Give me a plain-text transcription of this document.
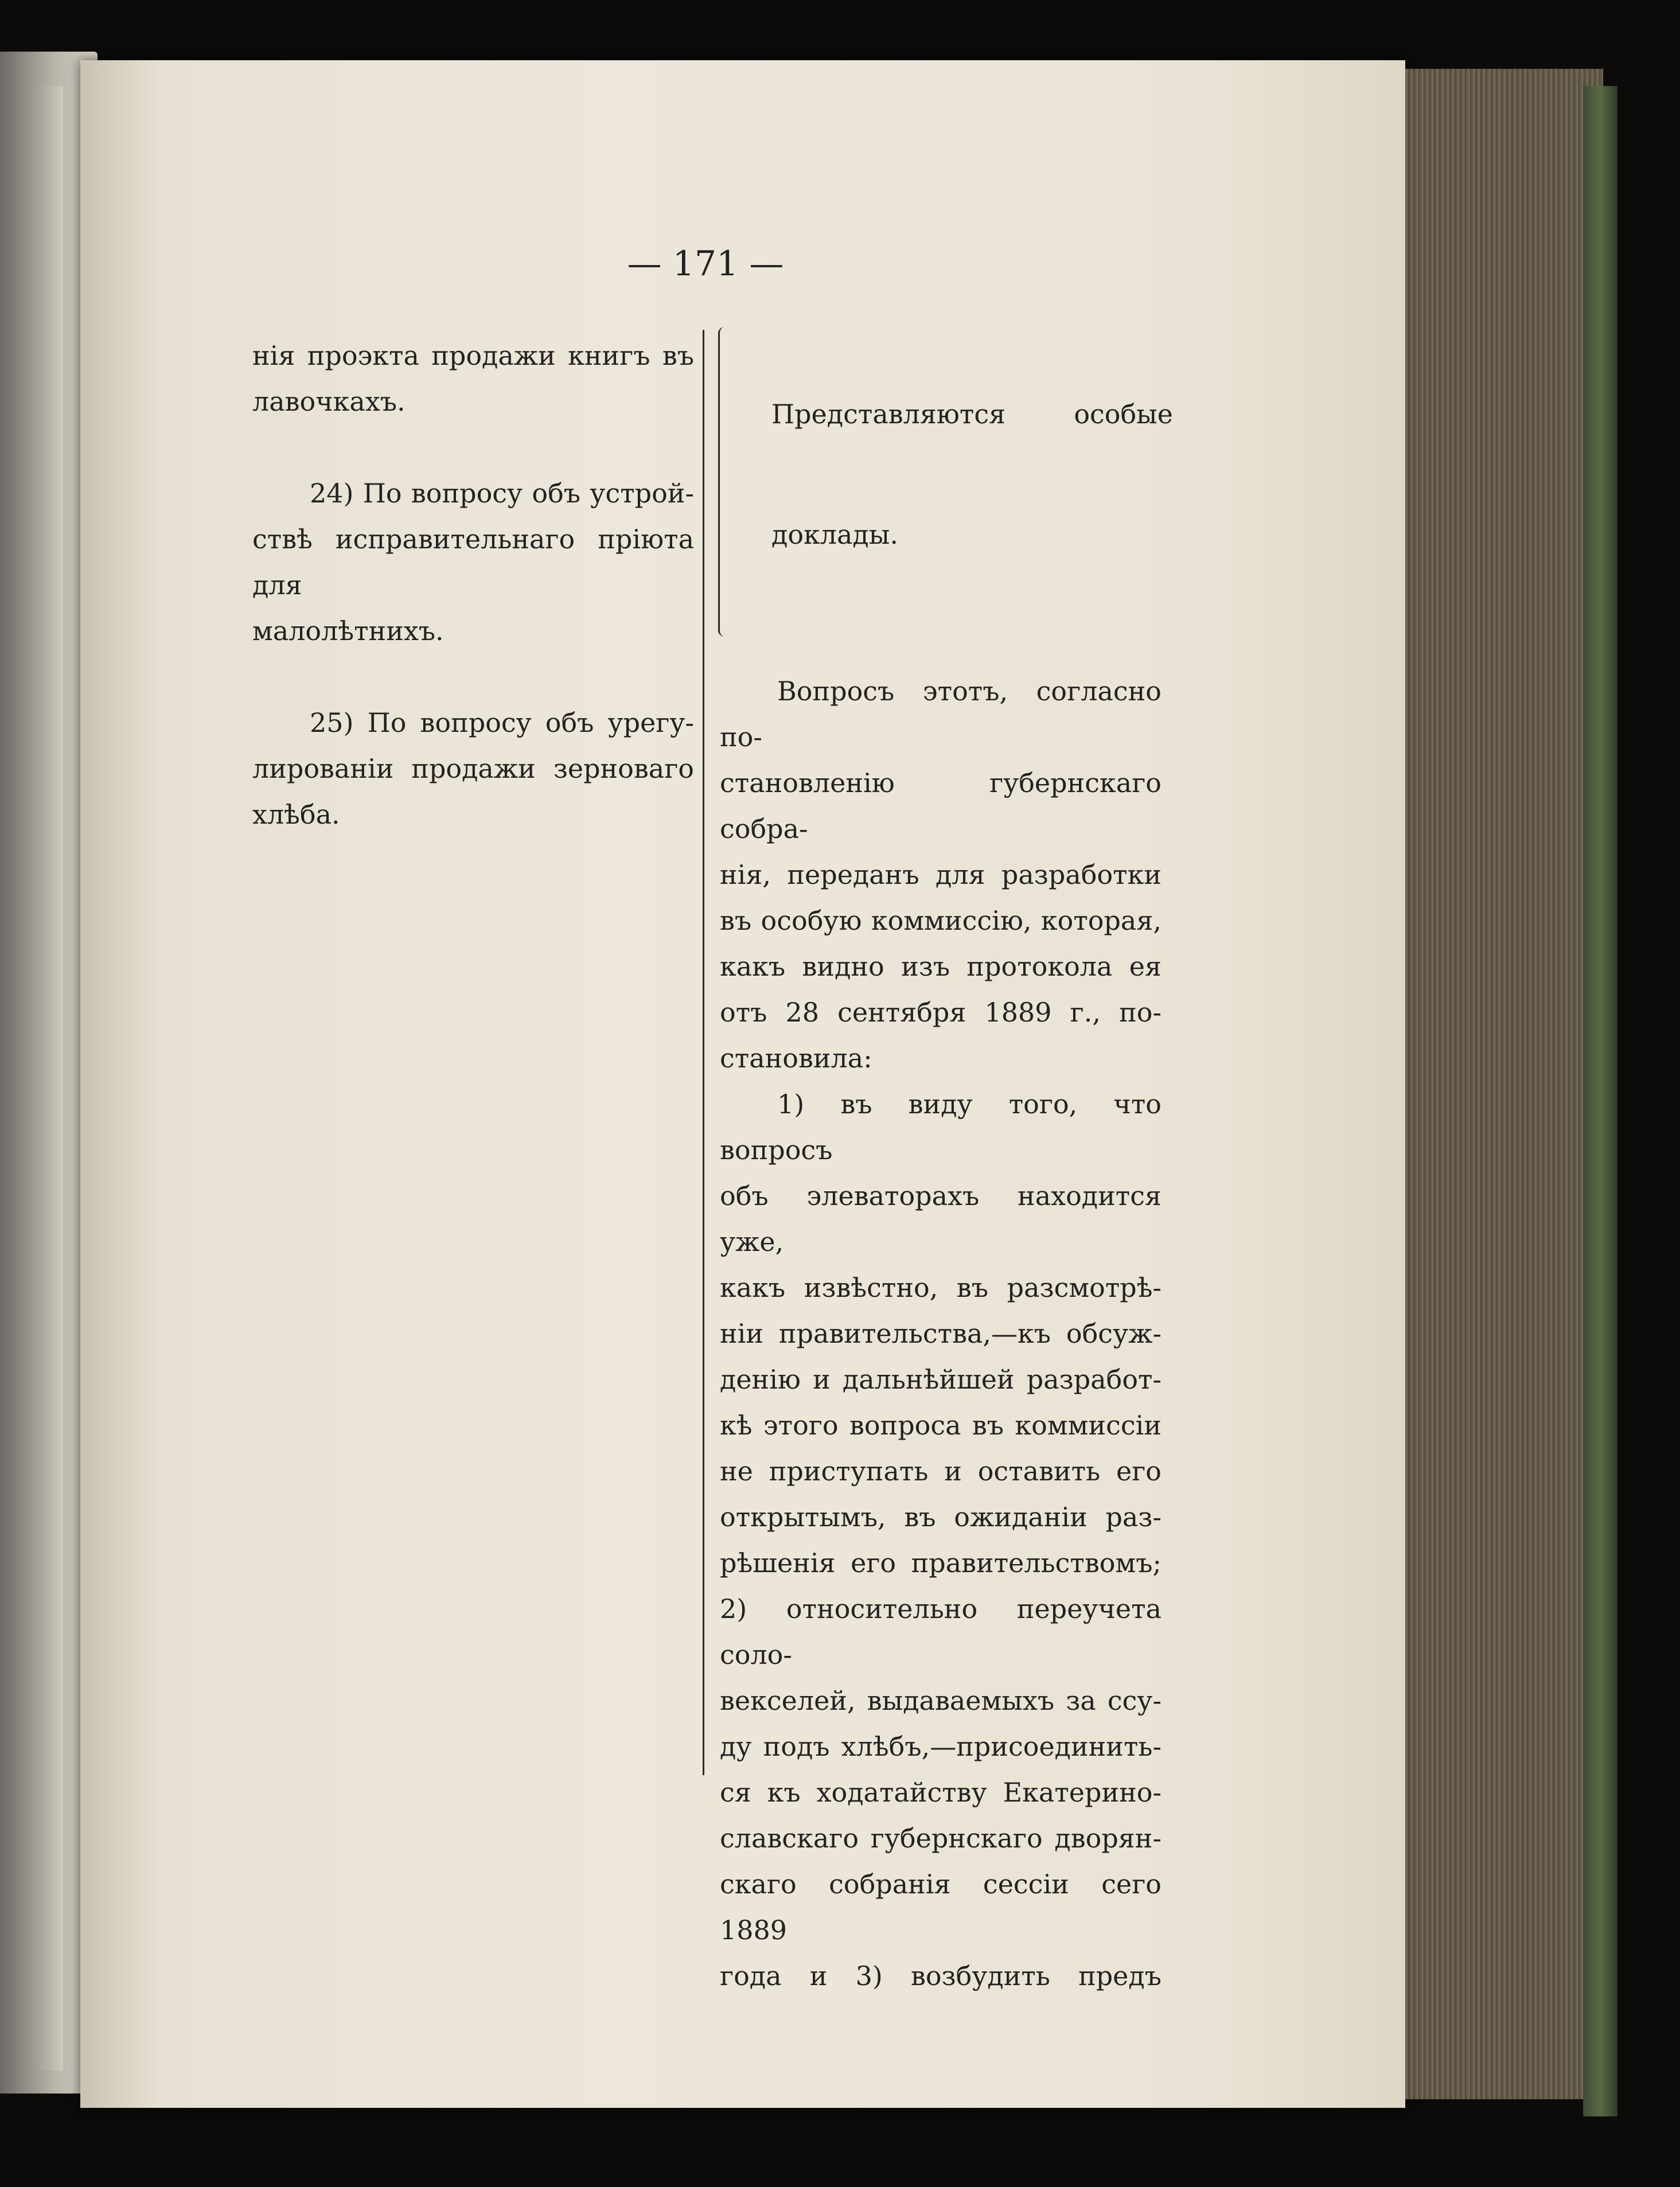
— 171 —

нія проэкта продажи книгъ въ

лавочкахъ.

24) По вопросу объ устрой-

ствѣ исправительнаго пріюта для

малолѣтнихъ.

25) По вопросу объ урегу-

лированіи продажи зерноваго

хлѣба.

Представляются особые
доклады.

Вопросъ этотъ, согласно по-

становленію губернскаго собра-

нія, переданъ для разработки

въ особую коммиссію, которая,

какъ видно изъ протокола ея

отъ 28 сентября 1889 г., по-

становила:

1) въ виду того, что вопросъ

объ элеваторахъ находится уже,

какъ извѣстно, въ разсмотрѣ-

ніи правительства,—къ обсуж-

денію и дальнѣйшей разработ-

кѣ этого вопроса въ коммиссіи

не приступать и оставить его

открытымъ, въ ожиданіи раз-

рѣшенія его правительствомъ;

2) относительно переучета соло-

векселей, выдаваемыхъ за ссу-

ду подъ хлѣбъ,—присоединить-

ся къ ходатайству Екатерино-

славскаго губернскаго дворян-

скаго собранія сессіи сего 1889

года и 3) возбудить предъ
